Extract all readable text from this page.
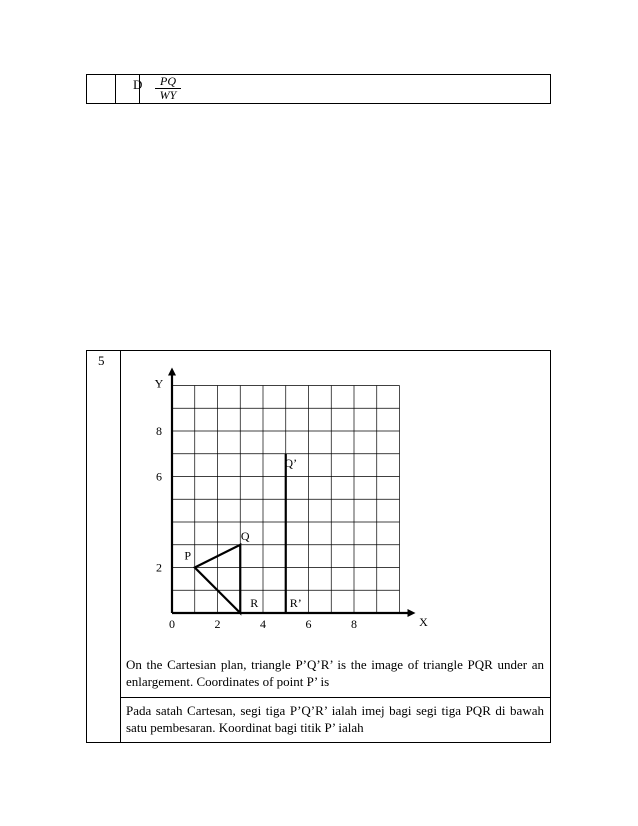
D $\frac{PQ}{WY}$
5
X
Y
0	2	4	6	8
2
6
8
P
Q
R
Q’
R’
On the Cartesian plan, triangle P’Q’R’ is the image of triangle PQR under an enlargement. Coordinates of point P’ is
Pada satah Cartesan, segi tiga P’Q’R’ ialah imej bagi segi tiga PQR di bawah satu pembesaran. Koordinat bagi titik P’ ialah
